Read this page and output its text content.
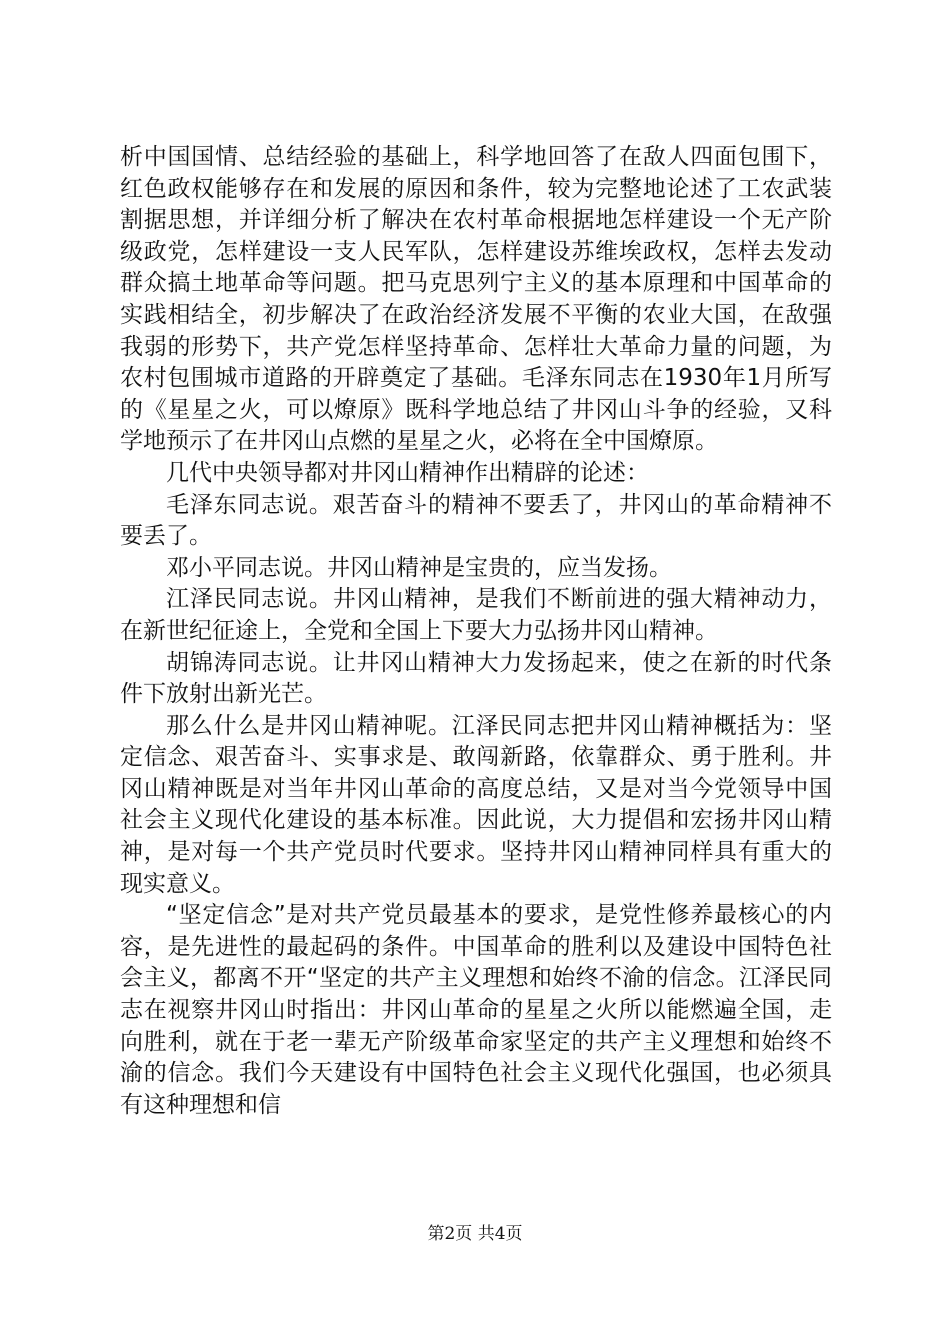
析中国国情、总结经验的基础上，科学地回答了在敌人四面包围下，红色政权能够存在和发展的原因和条件，较为完整地论述了工农武装割据思想，并详细分析了解决在农村革命根据地怎样建设一个无产阶级政党，怎样建设一支人民军队，怎样建设苏维埃政权，怎样去发动群众搞土地革命等问题。把马克思列宁主义的基本原理和中国革命的实践相结全，初步解决了在政治经济发展不平衡的农业大国，在敌强我弱的形势下，共产党怎样坚持革命、怎样壮大革命力量的问题，为农村包围城市道路的开辟奠定了基础。毛泽东同志在1930年1月所写的《星星之火，可以燎原》既科学地总结了井冈山斗争的经验，又科学地预示了在井冈山点燃的星星之火，必将在全中国燎原。

几代中央领导都对井冈山精神作出精辟的论述：

毛泽东同志说。艰苦奋斗的精神不要丢了，井冈山的革命精神不要丢了。

邓小平同志说。井冈山精神是宝贵的，应当发扬。

江泽民同志说。井冈山精神，是我们不断前进的强大精神动力，在新世纪征途上，全党和全国上下要大力弘扬井冈山精神。

胡锦涛同志说。让井冈山精神大力发扬起来，使之在新的时代条件下放射出新光芒。

那么什么是井冈山精神呢。江泽民同志把井冈山精神概括为：坚定信念、艰苦奋斗、实事求是、敢闯新路，依靠群众、勇于胜利。井冈山精神既是对当年井冈山革命的高度总结，又是对当今党领导中国社会主义现代化建设的基本标准。因此说，大力提倡和宏扬井冈山精神，是对每一个共产党员时代要求。坚持井冈山精神同样具有重大的现实意义。

“坚定信念”是对共产党员最基本的要求，是党性修养最核心的内容，是先进性的最起码的条件。中国革命的胜利以及建设中国特色社会主义，都离不开“坚定的共产主义理想和始终不渝的信念。江泽民同志在视察井冈山时指出：井冈山革命的星星之火所以能燃遍全国，走向胜利，就在于老一辈无产阶级革命家坚定的共产主义理想和始终不渝的信念。我们今天建设有中国特色社会主义现代化强国，也必须具有这种理想和信

第2页 共4页
